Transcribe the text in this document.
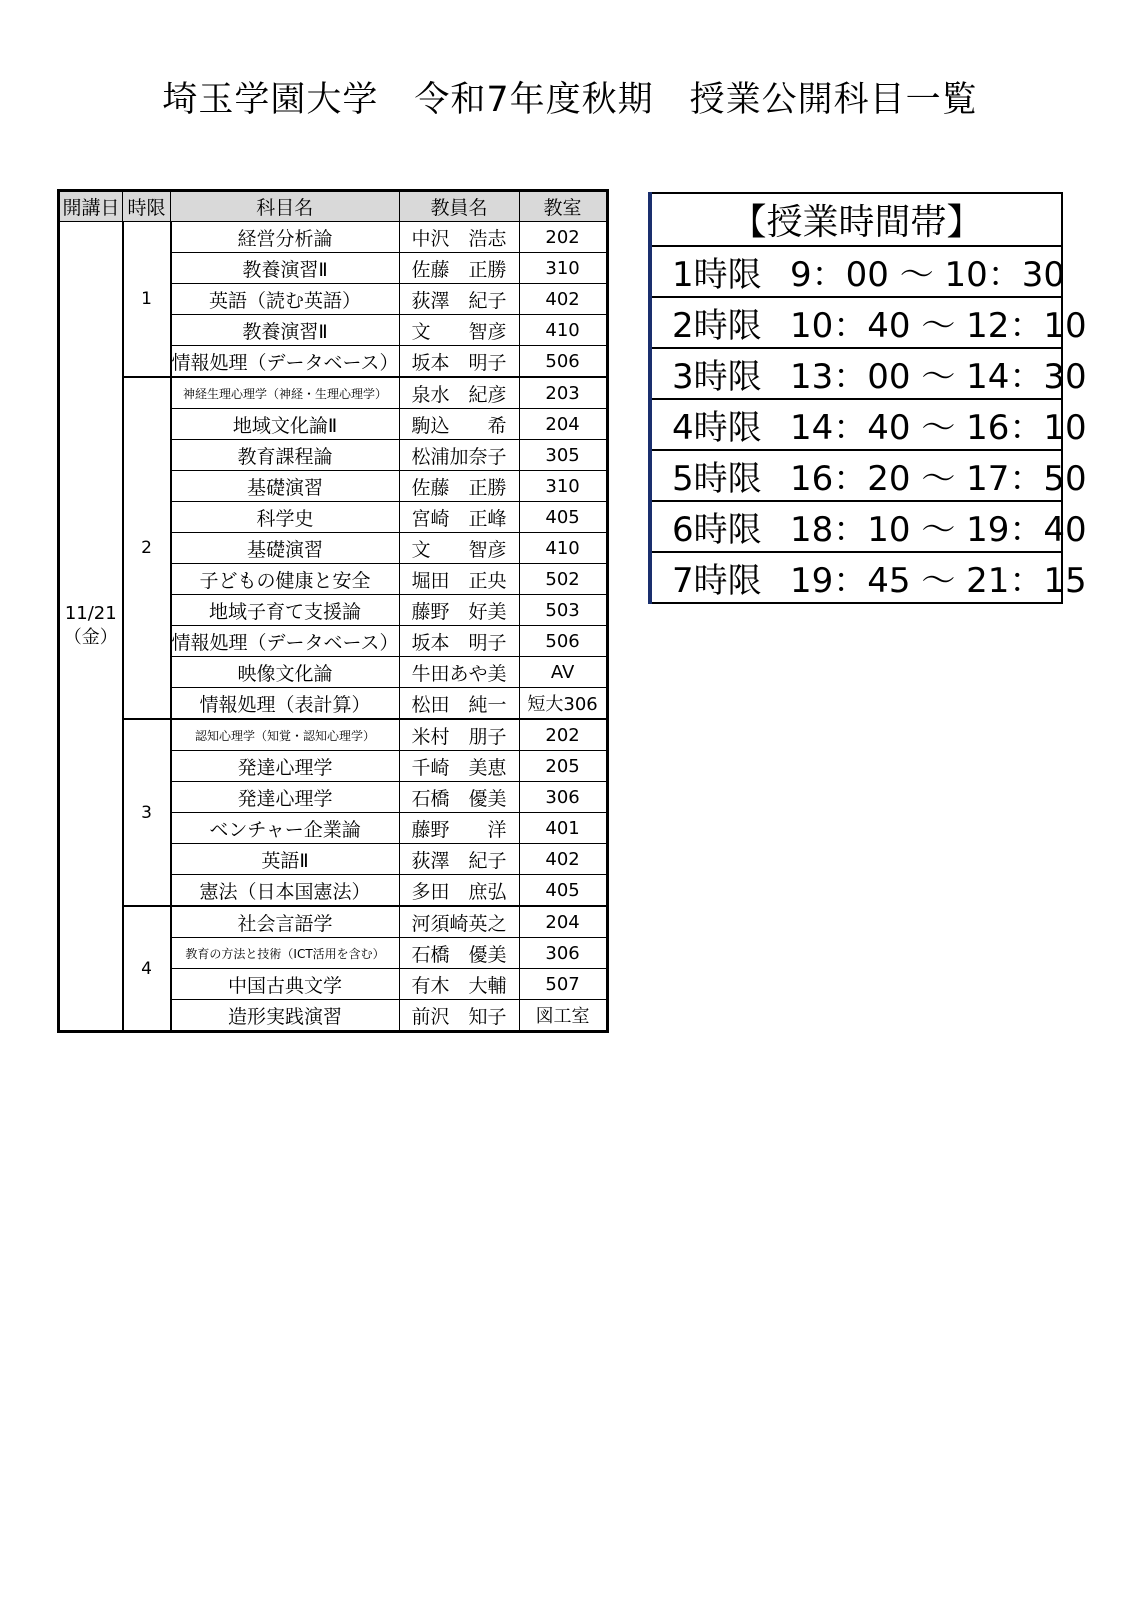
埼玉学園大学　令和7年度秋期　授業公開科目一覧
開講日	時限	科目名	教員名	教室

11/21
（金）	1	経営分析論	中沢　浩志	202
		教養演習Ⅱ	佐藤　正勝	310
		英語（読む英語）	荻澤　紀子	402
		教養演習Ⅱ	文　　智彦	410
		情報処理（データベース）	坂本　明子	506
	2	神経生理心理学（神経・生理心理学）	泉水　紀彦	203
		地域文化論Ⅱ	駒込　　希	204
		教育課程論	松浦加奈子	305
		基礎演習	佐藤　正勝	310
		科学史	宮崎　正峰	405
		基礎演習	文　　智彦	410
		子どもの健康と安全	堀田　正央	502
		地域子育て支援論	藤野　好美	503
		情報処理（データベース）	坂本　明子	506
		映像文化論	牛田あや美	AV
		情報処理（表計算）	松田　純一	短大306
	3	認知心理学（知覚・認知心理学）	米村　朋子	202
		発達心理学	千崎　美恵	205
		発達心理学	石橋　優美	306
		ベンチャー企業論	藤野　　洋	401
		英語Ⅱ	荻澤　紀子	402
		憲法（日本国憲法）	多田　庶弘	405
	4	社会言語学	河須崎英之	204
		教育の方法と技術（ICT活用を含む）	石橋　優美	306
		中国古典文学	有木　大輔	507
		造形実践演習	前沢　知子	図工室
【授業時間帯】
1時限 9：00 ～ 10：30
2時限 10：40 ～ 12：10
3時限 13：00 ～ 14：30
4時限 14：40 ～ 16：10
5時限 16：20 ～ 17：50
6時限 18：10 ～ 19：40
7時限 19：45 ～ 21：15
